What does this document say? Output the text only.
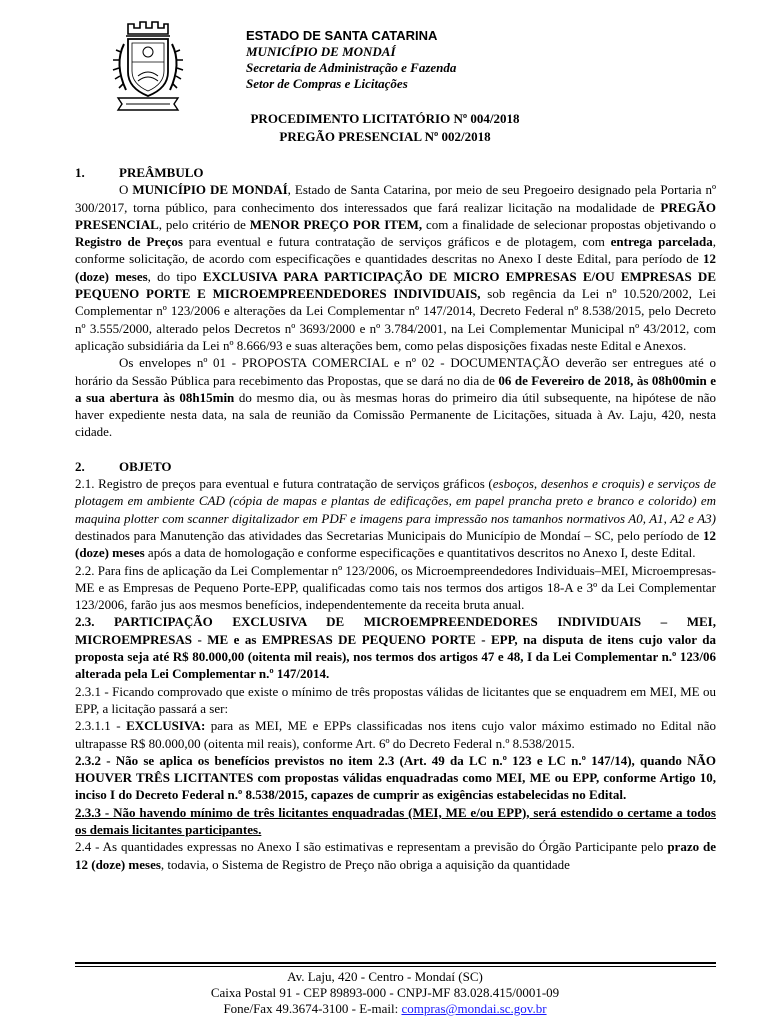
ESTADO DE SANTA CATARINA
MUNICÍPIO DE MONDAÍ
Secretaria de Administração e Fazenda
Setor de Compras e Licitações
PROCEDIMENTO LICITATÓRIO Nº 004/2018
PREGÃO PRESENCIAL Nº 002/2018
1.	PREÂMBULO

O MUNICÍPIO DE MONDAÍ, Estado de Santa Catarina, por meio de seu Pregoeiro designado pela Portaria nº 300/2017, torna público, para conhecimento dos interessados que fará realizar licitação na modalidade de PREGÃO PRESENCIAL, pelo critério de MENOR PREÇO POR ITEM, com a finalidade de selecionar propostas objetivando o Registro de Preços para eventual e futura contratação de serviços gráficos e de plotagem, com entrega parcelada, conforme solicitação, de acordo com especificações e quantidades descritas no Anexo I deste Edital, para período de 12 (doze) meses, do tipo EXCLUSIVA PARA PARTICIPAÇÃO DE MICRO EMPRESAS E/OU EMPRESAS DE PEQUENO PORTE E MICROEMPREENDEDORES INDIVIDUAIS, sob regência da Lei nº 10.520/2002, Lei Complementar nº 123/2006 e alterações da Lei Complementar nº 147/2014, Decreto Federal nº 8.538/2015, pelo Decreto nº 3.555/2000, alterado pelos Decretos nº 3693/2000 e nº 3.784/2001, na Lei Complementar Municipal nº 43/2012, com aplicação subsidiária da Lei nº 8.666/93 e suas alterações bem, como pelas disposições fixadas neste Edital e Anexos.

Os envelopes nº 01 - PROPOSTA COMERCIAL e nº 02 - DOCUMENTAÇÃO deverão ser entregues até o horário da Sessão Pública para recebimento das Propostas, que se dará no dia de 06 de Fevereiro de 2018, às 08h00min e a sua abertura às 08h15min do mesmo dia, ou às mesmas horas do primeiro dia útil subsequente, na hipótese de não haver expediente nesta data, na sala de reunião da Comissão Permanente de Licitações, situada à Av. Laju, 420, nesta cidade.

2.	OBJETO

2.1. Registro de preços para eventual e futura contratação de serviços gráficos (esboços, desenhos e croquis) e serviços de plotagem em ambiente CAD (cópia de mapas e plantas de edificações, em papel prancha preto e branco e colorido) em maquina plotter com scanner digitalizador em PDF e imagens para impressão nos tamanhos normativos A0, A1, A2 e A3) destinados para Manutenção das atividades das Secretarias Municipais do Município de Mondaí – SC, pelo período de 12 (doze) meses após a data de homologação e conforme especificações e quantitativos descritos no Anexo I, deste Edital.

2.2. Para fins de aplicação da Lei Complementar nº 123/2006, os Microempreendedores Individuais–MEI, Microempresas-ME e as Empresas de Pequeno Porte-EPP, qualificadas como tais nos termos dos artigos 18-A e 3º da Lei Complementar 123/2006, farão jus aos mesmos benefícios, independentemente da receita bruta anual.

2.3. PARTICIPAÇÃO EXCLUSIVA DE MICROEMPREENDEDORES INDIVIDUAIS – MEI, MICROEMPRESAS - ME e as EMPRESAS DE PEQUENO PORTE - EPP, na disputa de itens cujo valor da proposta seja até R$ 80.000,00 (oitenta mil reais), nos termos dos artigos 47 e 48, I da Lei Complementar n.º 123/06 alterada pela Lei Complementar n.º 147/2014.

2.3.1 - Ficando comprovado que existe o mínimo de três propostas válidas de licitantes que se enquadrem em MEI, ME ou EPP, a licitação passará a ser:

2.3.1.1 - EXCLUSIVA: para as MEI, ME e EPPs classificadas nos itens cujo valor máximo estimado no Edital não ultrapasse R$ 80.000,00 (oitenta mil reais), conforme Art. 6º do Decreto Federal n.º 8.538/2015.

2.3.2 - Não se aplica os benefícios previstos no item 2.3 (Art. 49 da LC n.º 123 e LC n.º 147/14), quando NÃO HOUVER TRÊS LICITANTES com propostas válidas enquadradas como MEI, ME ou EPP, conforme Artigo 10, inciso I do Decreto Federal n.º 8.538/2015, capazes de cumprir as exigências estabelecidas no Edital.

2.3.3 - Não havendo mínimo de três licitantes enquadradas (MEI, ME e/ou EPP), será estendido o certame a todos os demais licitantes participantes.

2.4 - As quantidades expressas no Anexo I são estimativas e representam a previsão do Órgão Participante pelo prazo de 12 (doze) meses, todavia, o Sistema de Registro de Preço não obriga a aquisição da quantidade

Av. Laju, 420 - Centro - Mondaí (SC)
Caixa Postal 91 - CEP 89893-000 - CNPJ-MF 83.028.415/0001-09
Fone/Fax 49.3674-3100 - E-mail: compras@mondai.sc.gov.br
